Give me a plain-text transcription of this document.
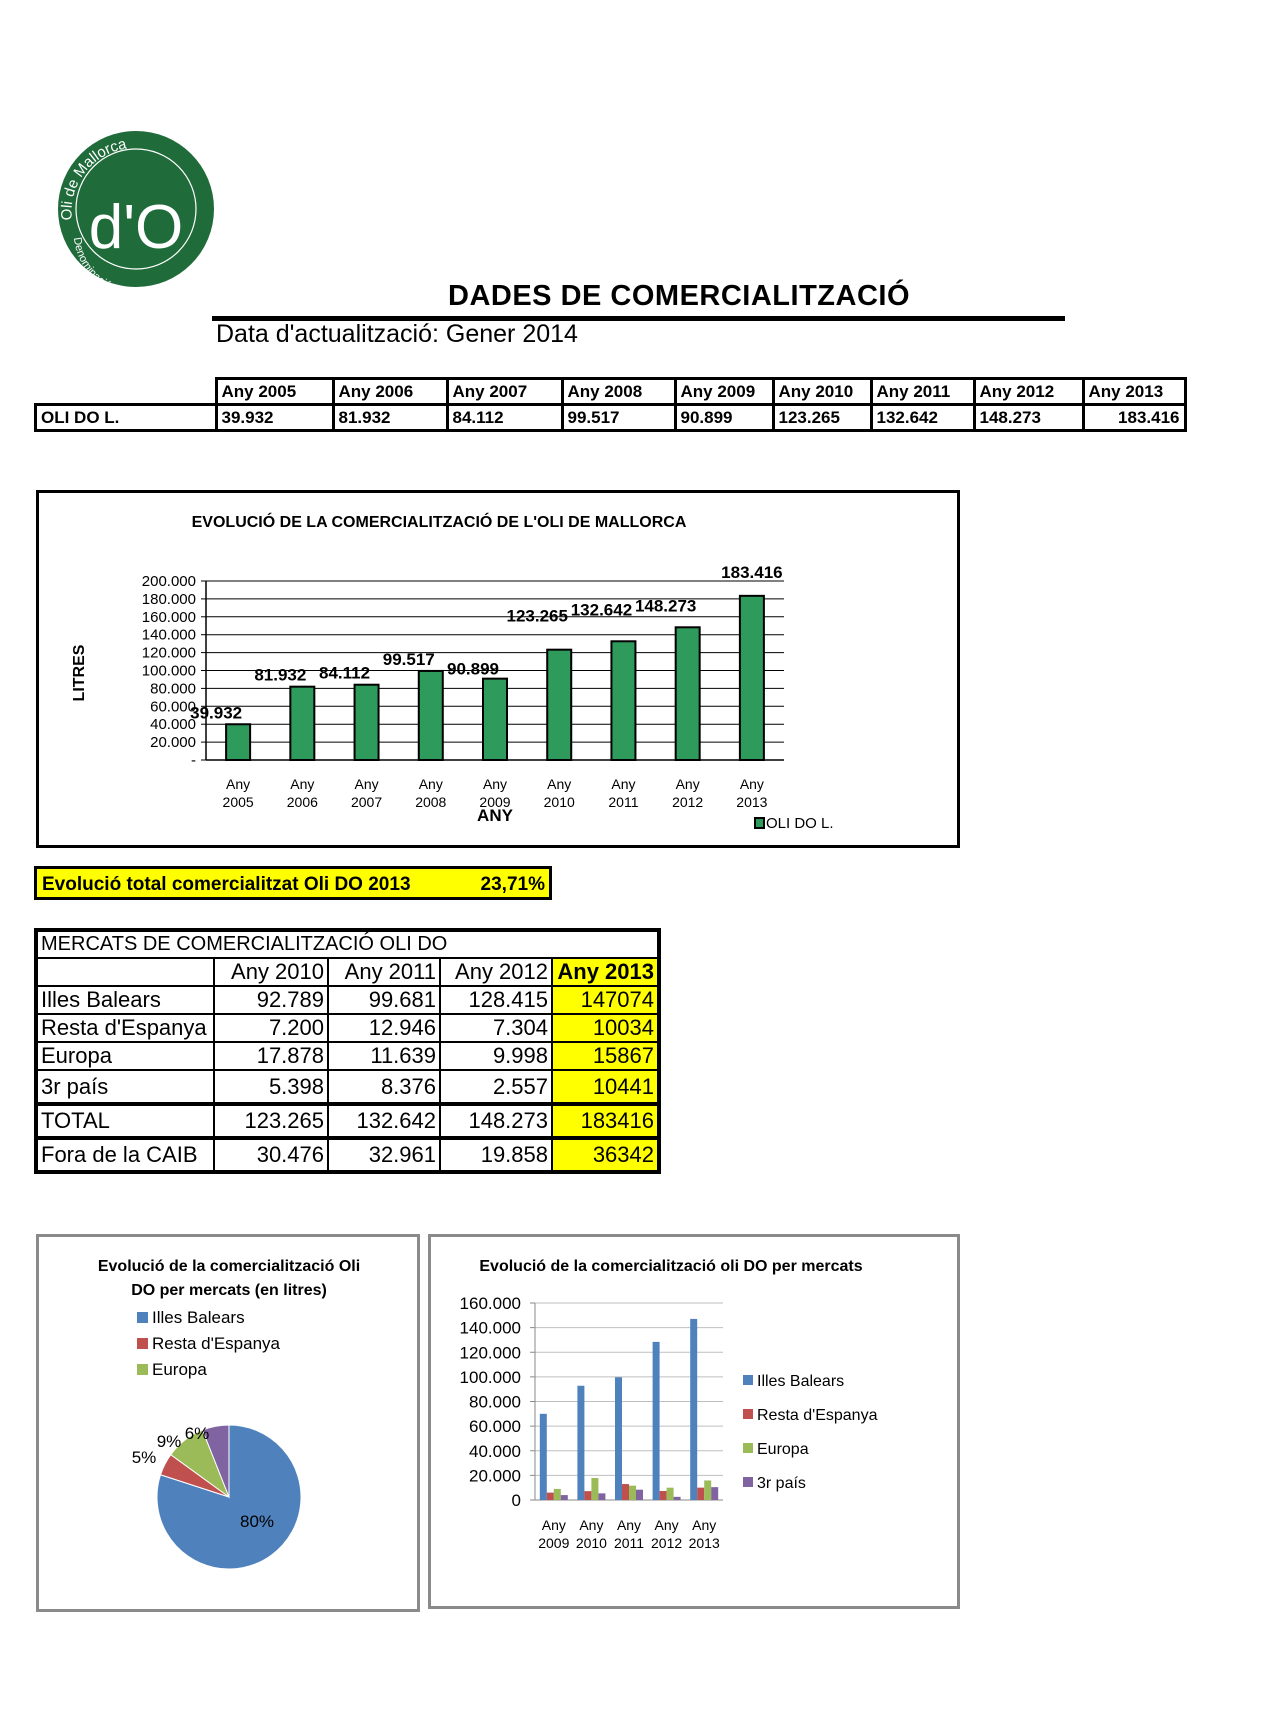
Oli de Mallorca
Denominació d
d'O
DADES DE COMERCIALITZACIÓ
Data d'actualització: Gener 2014
	Any 2005	Any 2006	Any 2007	Any 2008	Any 2009	Any 2010	Any 2011	Any 2012	Any 2013
OLI DO L.	39.932	81.932	84.112	99.517	90.899	123.265	132.642	148.273	183.416
EVOLUCIÓ DE LA COMERCIALITZACIÓ DE L'OLI DE MALLORCA
-
20.000
40.000
60.000
80.000
100.000
120.000
140.000
160.000
180.000
200.000
LITRES
39.932
Any
2005
81.932
Any
2006
84.112
Any
2007
99.517
Any
2008
90.899
Any
2009
123.265
Any
2010
132.642
Any
2011
148.273
Any
2012
183.416
Any
2013
ANY	OLI DO L.
Evolució total comercialitzat Oli DO 2013	23,71%
MERCATS DE COMERCIALITZACIÓ OLI DO				
	Any 2010	Any 2011	Any 2012	Any 2013
Illes Balears	92.789	99.681	128.415	147074
Resta d'Espanya	7.200	12.946	7.304	10034
Europa	17.878	11.639	9.998	15867
3r país	5.398	8.376	2.557	10441
TOTAL	123.265	132.642	148.273	183416
Fora de la CAIB	30.476	32.961	19.858	36342
Evolució de la comercialització Oli
DO per mercats (en litres)
Illes Balears
Resta d'Espanya
Europa
80%
5%
9% 6%
Evolució de la comercialització oli DO per mercats
0
20.000
40.000
60.000
80.000
100.000
120.000
140.000
160.000
Any
2009
Any
2010
Any
2011
Any
2012
Any
2013
Illes Balears
Resta d'Espanya
Europa
3r país
